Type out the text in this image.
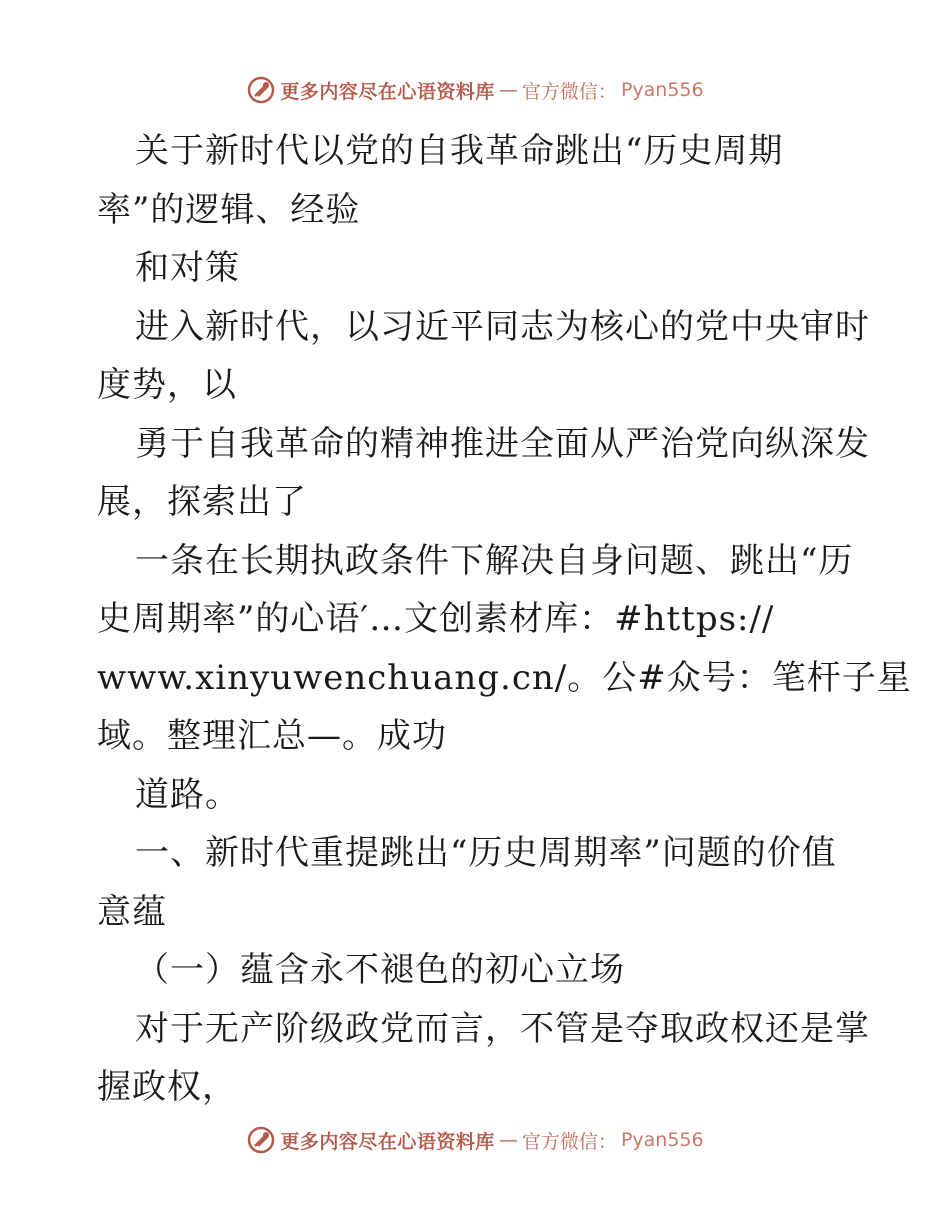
更多内容尽在心语资料库 — 官方微信： Pyan556
关于新时代以党的自我革命跳出“历史周期
率”的逻辑、经验
和对策
进入新时代，以习近平同志为核心的党中央审时
度势，以
勇于自我革命的精神推进全面从严治党向纵深发
展，探索出了
一条在长期执政条件下解决自身问题、跳出“历
史周期率”的心语′…文创素材库：#https://
www.xinyuwenchuang.cn/。公#众号：笔杆子星
域。整理汇总—。成功
道路。
一、新时代重提跳出“历史周期率”问题的价值
意蕴
（一）蕴含永不褪色的初心立场
对于无产阶级政党而言，不管是夺取政权还是掌
握政权，
更多内容尽在心语资料库 — 官方微信： Pyan556
